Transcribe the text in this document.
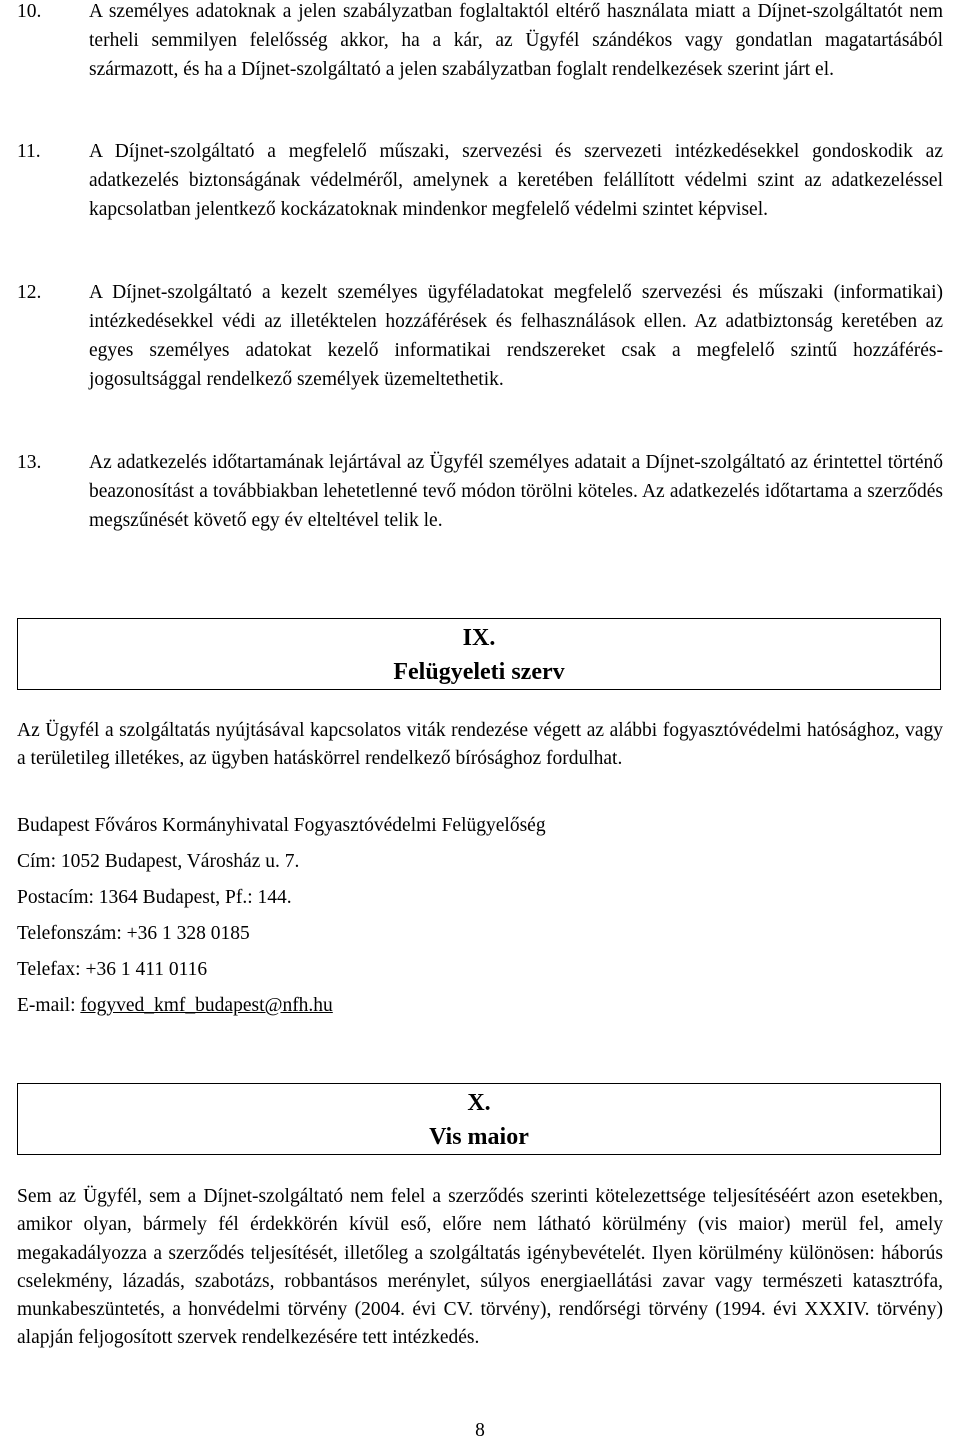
10.	A személyes adatoknak a jelen szabályzatban foglaltaktól eltérő használata miatt a Díjnet-szolgáltatót nem terheli semmilyen felelősség akkor, ha a kár, az Ügyfél szándékos vagy gondatlan magatartásából származott, és ha a Díjnet-szolgáltató a jelen szabályzatban foglalt rendelkezések szerint járt el.
11.	A Díjnet-szolgáltató a megfelelő műszaki, szervezési és szervezeti intézkedésekkel gondoskodik az adatkezelés biztonságának védelméről, amelynek a keretében felállított védelmi szint az adatkezeléssel kapcsolatban jelentkező kockázatoknak mindenkor megfelelő védelmi szintet képvisel.
12.	A Díjnet-szolgáltató a kezelt személyes ügyféladatokat megfelelő szervezési és műszaki (informatikai) intézkedésekkel védi az illetéktelen hozzáférések és felhasználások ellen. Az adatbiztonság keretében az egyes személyes adatokat kezelő informatikai rendszereket csak a megfelelő szintű hozzáférés-jogosultsággal rendelkező személyek üzemeltethetik.
13.	Az adatkezelés időtartamának lejártával az Ügyfél személyes adatait a Díjnet-szolgáltató az érintettel történő beazonosítást a továbbiakban lehetetlenné tevő módon törölni köteles. Az adatkezelés időtartama a szerződés megszűnését követő egy év elteltével telik le.
IX.
Felügyeleti szerv
Az Ügyfél a szolgáltatás nyújtásával kapcsolatos viták rendezése végett az alábbi fogyasztóvédelmi hatósághoz, vagy a területileg illetékes, az ügyben hatáskörrel rendelkező bírósághoz fordulhat.
Budapest Főváros Kormányhivatal Fogyasztóvédelmi Felügyelőség
Cím: 1052 Budapest, Városház u. 7.
Postacím: 1364 Budapest, Pf.: 144.
Telefonszám: +36 1 328 0185
Telefax: +36 1 411 0116
E-mail: fogyved_kmf_budapest@nfh.hu
X.
Vis maior
Sem az Ügyfél, sem a Díjnet-szolgáltató nem felel a szerződés szerinti kötelezettsége teljesítéséért azon esetekben, amikor olyan, bármely fél érdekkörén kívül eső, előre nem látható körülmény (vis maior) merül fel, amely megakadályozza a szerződés teljesítését, illetőleg a szolgáltatás igénybevételét. Ilyen körülmény különösen: háborús cselekmény, lázadás, szabotázs, robbantásos merénylet, súlyos energiaellátási zavar vagy természeti katasztrófa, munkabeszüntetés, a honvédelmi törvény (2004. évi CV. törvény), rendőrségi törvény (1994. évi XXXIV. törvény) alapján feljogosított szervek rendelkezésére tett intézkedés.
8
